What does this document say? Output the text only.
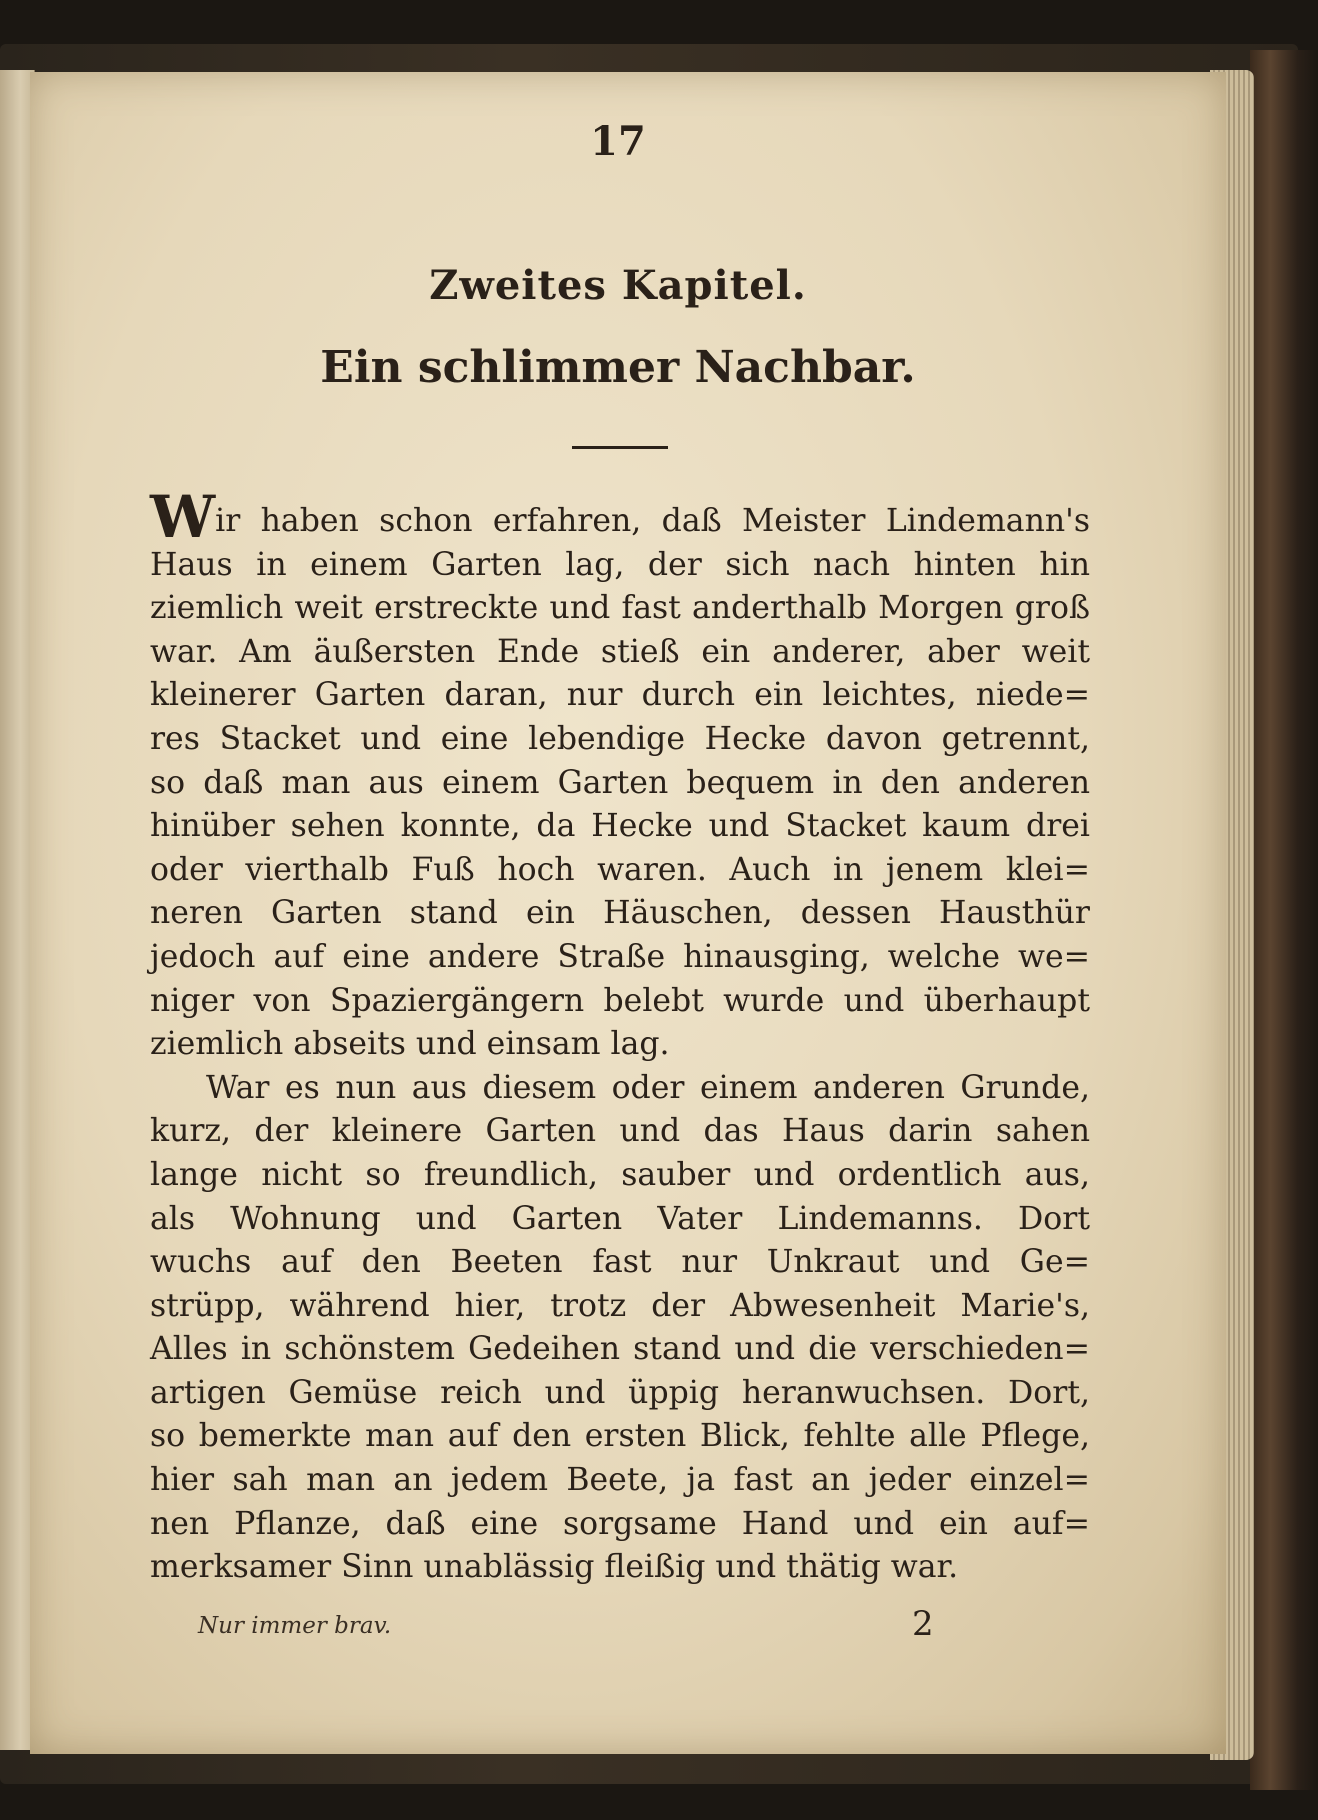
17
Zweites Kapitel.
Ein schlimmer Nachbar.
Wir haben schon erfahren, daß Meister Lindemann's
Haus in einem Garten lag, der sich nach hinten hin
ziemlich weit erstreckte und fast anderthalb Morgen groß
war. Am äußersten Ende stieß ein anderer, aber weit
kleinerer Garten daran, nur durch ein leichtes, niede=
res Stacket und eine lebendige Hecke davon getrennt,
so daß man aus einem Garten bequem in den anderen
hinüber sehen konnte, da Hecke und Stacket kaum drei
oder vierthalb Fuß hoch waren. Auch in jenem klei=
neren Garten stand ein Häuschen, dessen Hausthür
jedoch auf eine andere Straße hinausging, welche we=
niger von Spaziergängern belebt wurde und überhaupt
ziemlich abseits und einsam lag.
War es nun aus diesem oder einem anderen Grunde,
kurz, der kleinere Garten und das Haus darin sahen
lange nicht so freundlich, sauber und ordentlich aus,
als Wohnung und Garten Vater Lindemanns. Dort
wuchs auf den Beeten fast nur Unkraut und Ge=
strüpp, während hier, trotz der Abwesenheit Marie's,
Alles in schönstem Gedeihen stand und die verschieden=
artigen Gemüse reich und üppig heranwuchsen. Dort,
so bemerkte man auf den ersten Blick, fehlte alle Pflege,
hier sah man an jedem Beete, ja fast an jeder einzel=
nen Pflanze, daß eine sorgsame Hand und ein auf=
merksamer Sinn unablässig fleißig und thätig war.
Nur immer brav.	2
